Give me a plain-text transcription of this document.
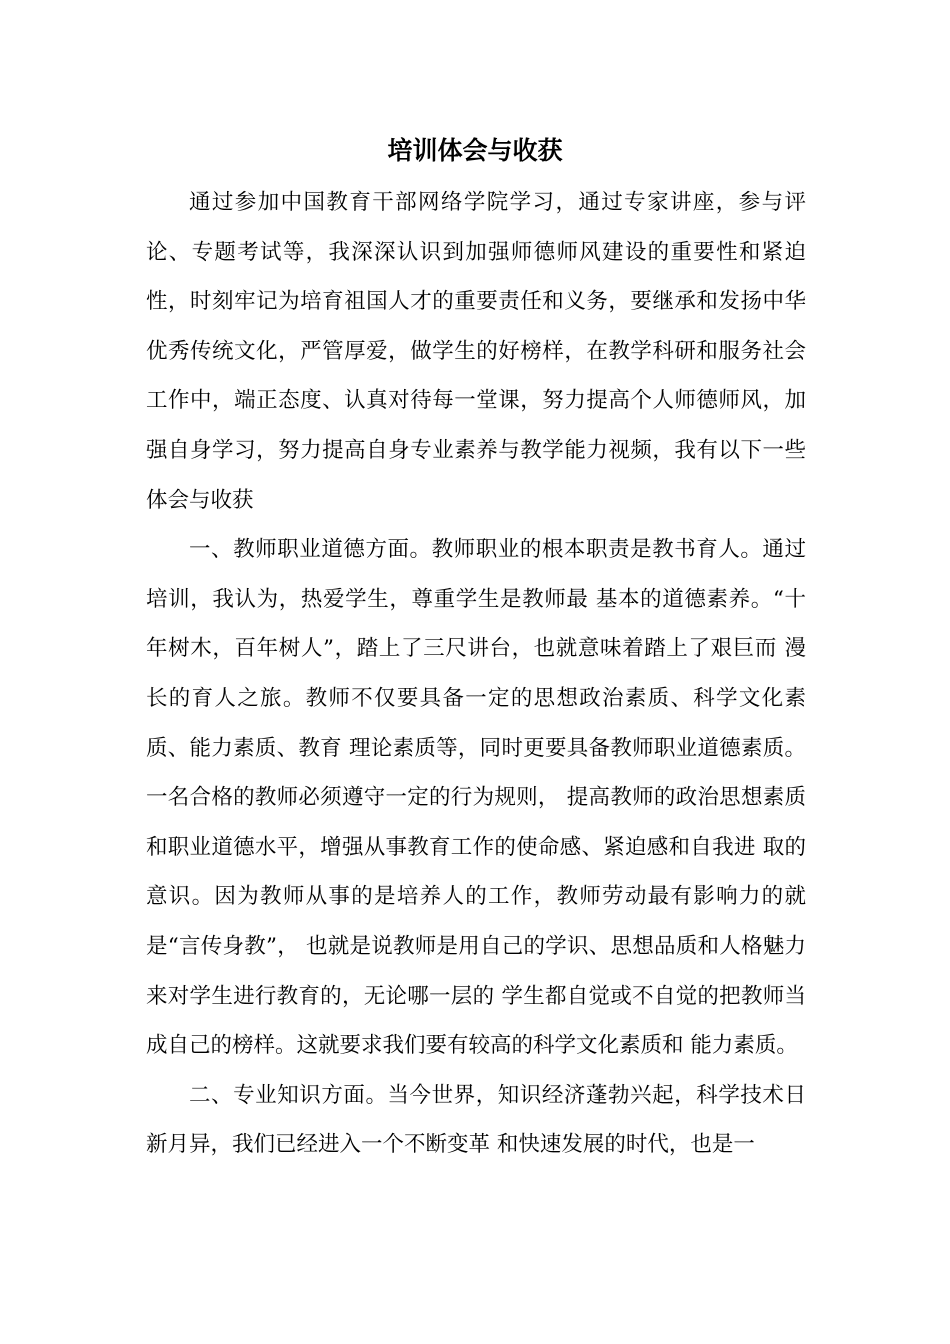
培训体会与收获

通过参加中国教育干部网络学院学习，通过专家讲座，参与评论、专题考试等，我深深认识到加强师德师风建设的重要性和紧迫性，时刻牢记为培育祖国人才的重要责任和义务，要继承和发扬中华优秀传统文化，严管厚爱，做学生的好榜样，在教学科研和服务社会工作中，端正态度、认真对待每一堂课，努力提高个人师德师风，加强自身学习，努力提高自身专业素养与教学能力视频，我有以下一些体会与收获

一、教师职业道德方面。教师职业的根本职责是教书育人。通过培训，我认为，热爱学生，尊重学生是教师最 基本的道德素养。“十年树木，百年树人”，踏上了三尺讲台，也就意味着踏上了艰巨而 漫长的育人之旅。教师不仅要具备一定的思想政治素质、科学文化素质、能力素质、教育 理论素质等，同时更要具备教师职业道德素质。一名合格的教师必须遵守一定的行为规则， 提高教师的政治思想素质和职业道德水平，增强从事教育工作的使命感、紧迫感和自我进 取的意识。因为教师从事的是培养人的工作，教师劳动最有影响力的就是“言传身教”， 也就是说教师是用自己的学识、思想品质和人格魅力来对学生进行教育的，无论哪一层的 学生都自觉或不自觉的把教师当成自己的榜样。这就要求我们要有较高的科学文化素质和 能力素质。

二、专业知识方面。当今世界，知识经济蓬勃兴起，科学技术日新月异，我们已经进入一个不断变革 和快速发展的时代，也是一
